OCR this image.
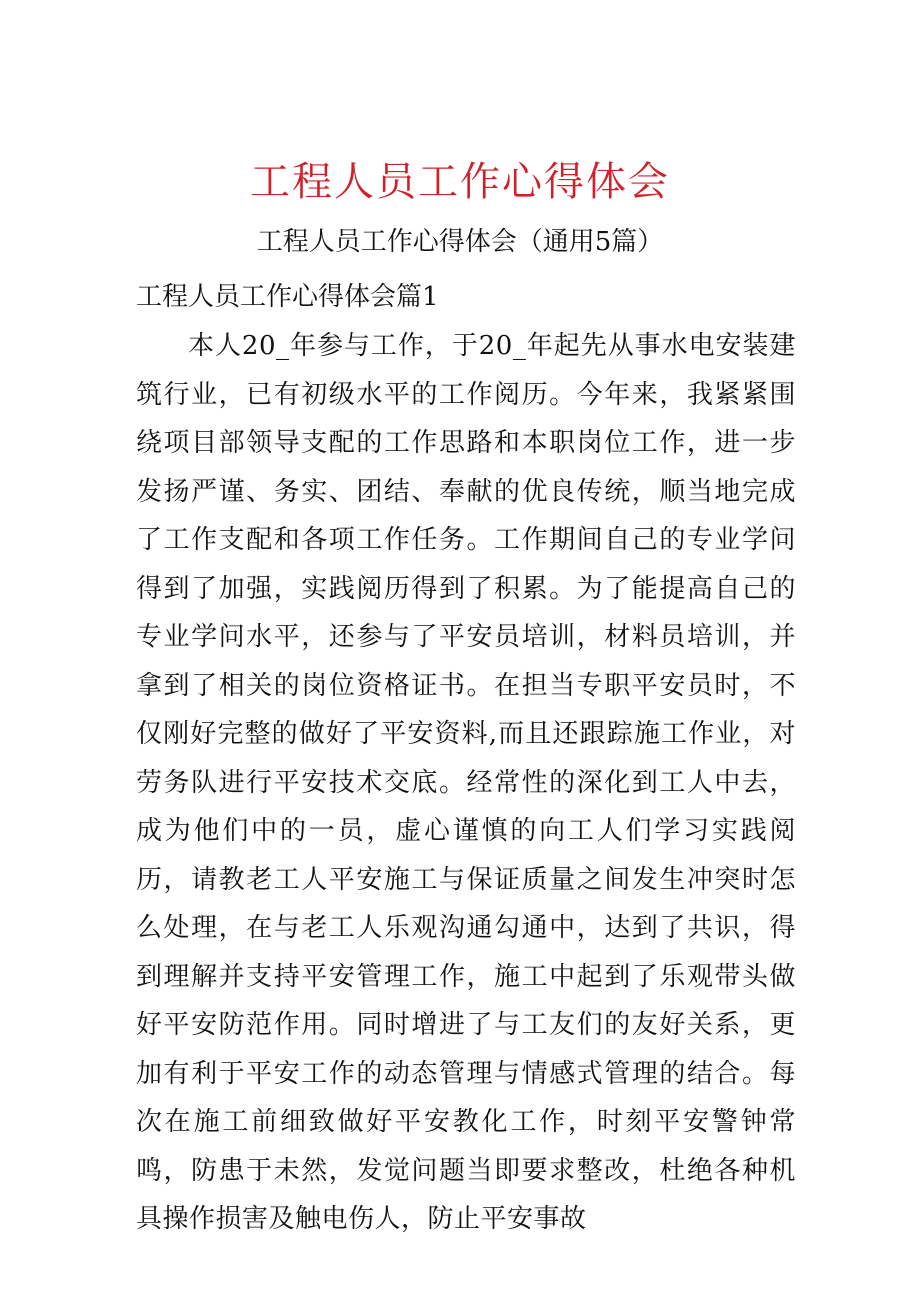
工程人员工作心得体会

工程人员工作心得体会（通用5篇）

工程人员工作心得体会篇1

本人20_年参与工作，于20_年起先从事水电安装建筑行业，已有初级水平的工作阅历。今年来，我紧紧围绕项目部领导支配的工作思路和本职岗位工作，进一步发扬严谨、务实、团结、奉献的优良传统，顺当地完成了工作支配和各项工作任务。工作期间自己的专业学问得到了加强，实践阅历得到了积累。为了能提高自己的专业学问水平，还参与了平安员培训，材料员培训，并拿到了相关的岗位资格证书。在担当专职平安员时，不仅刚好完整的做好了平安资料,而且还跟踪施工作业，对劳务队进行平安技术交底。经常性的深化到工人中去，成为他们中的一员，虚心谨慎的向工人们学习实践阅历，请教老工人平安施工与保证质量之间发生冲突时怎么处理，在与老工人乐观沟通勾通中，达到了共识，得到理解并支持平安管理工作，施工中起到了乐观带头做好平安防范作用。同时增进了与工友们的友好关系，更加有利于平安工作的动态管理与情感式管理的结合。每次在施工前细致做好平安教化工作，时刻平安警钟常鸣，防患于未然，发觉问题当即要求整改，杜绝各种机具操作损害及触电伤人，防止平安事故
